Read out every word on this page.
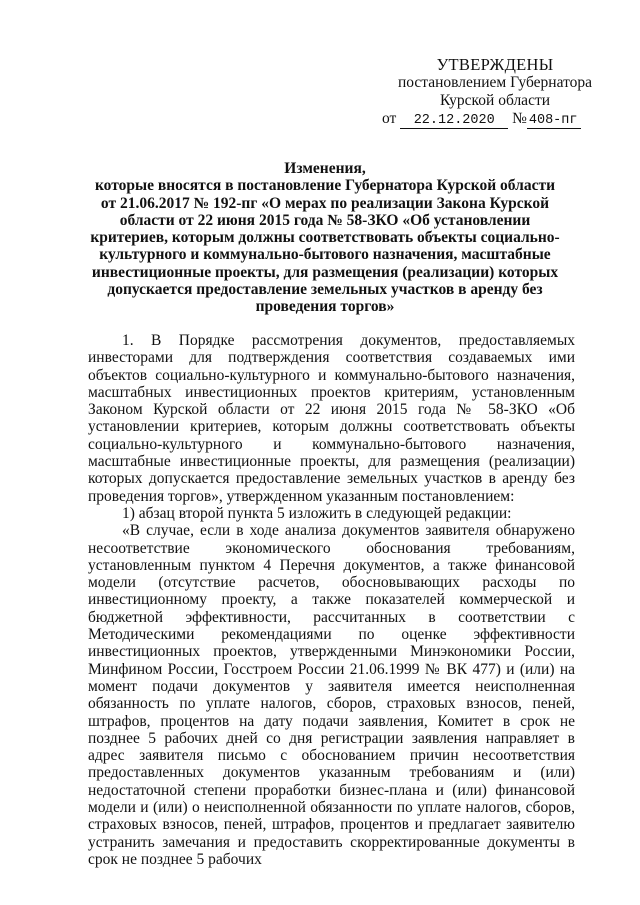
УТВЕРЖДЕНЫ
постановлением Губернатора
Курской области
от 22.12.2020 № 408-пг
Изменения,
которые вносятся в постановление Губернатора Курской области от 21.06.2017 № 192-пг «О мерах по реализации Закона Курской области от 22 июня 2015 года № 58-ЗКО «Об установлении критериев, которым должны соответствовать объекты социально-культурного и коммунально-бытового назначения, масштабные инвестиционные проекты, для размещения (реализации) которых допускается предоставление земельных участков в аренду без проведения торгов»

1. В Порядке рассмотрения документов, предоставляемых инвесторами для подтверждения соответствия создаваемых ими объектов социально-культурного и коммунально-бытового назначения, масштабных инвестиционных проектов критериям, установленным Законом Курской области от 22 июня 2015 года № 58-ЗКО «Об установлении критериев, которым должны соответствовать объекты социально-культурного и коммунально-бытового назначения, масштабные инвестиционные проекты, для размещения (реализации) которых допускается предоставление земельных участков в аренду без проведения торгов», утвержденном указанным постановлением:

1) абзац второй пункта 5 изложить в следующей редакции:

«В случае, если в ходе анализа документов заявителя обнаружено несоответствие экономического обоснования требованиям, установленным пунктом 4 Перечня документов, а также финансовой модели (отсутствие расчетов, обосновывающих расходы по инвестиционному проекту, а также показателей коммерческой и бюджетной эффективности, рассчитанных в соответствии с Методическими рекомендациями по оценке эффективности инвестиционных проектов, утвержденными Минэкономики России, Минфином России, Госстроем России 21.06.1999 № ВК 477) и (или) на момент подачи документов у заявителя имеется неисполненная обязанность по уплате налогов, сборов, страховых взносов, пеней, штрафов, процентов на дату подачи заявления, Комитет в срок не позднее 5 рабочих дней со дня регистрации заявления направляет в адрес заявителя письмо с обоснованием причин несоответствия предоставленных документов указанным требованиям и (или) недостаточной степени проработки бизнес-плана и (или) финансовой модели и (или) о неисполненной обязанности по уплате налогов, сборов, страховых взносов, пеней, штрафов, процентов и предлагает заявителю устранить замечания и предоставить скорректированные документы в срок не позднее 5 рабочих
